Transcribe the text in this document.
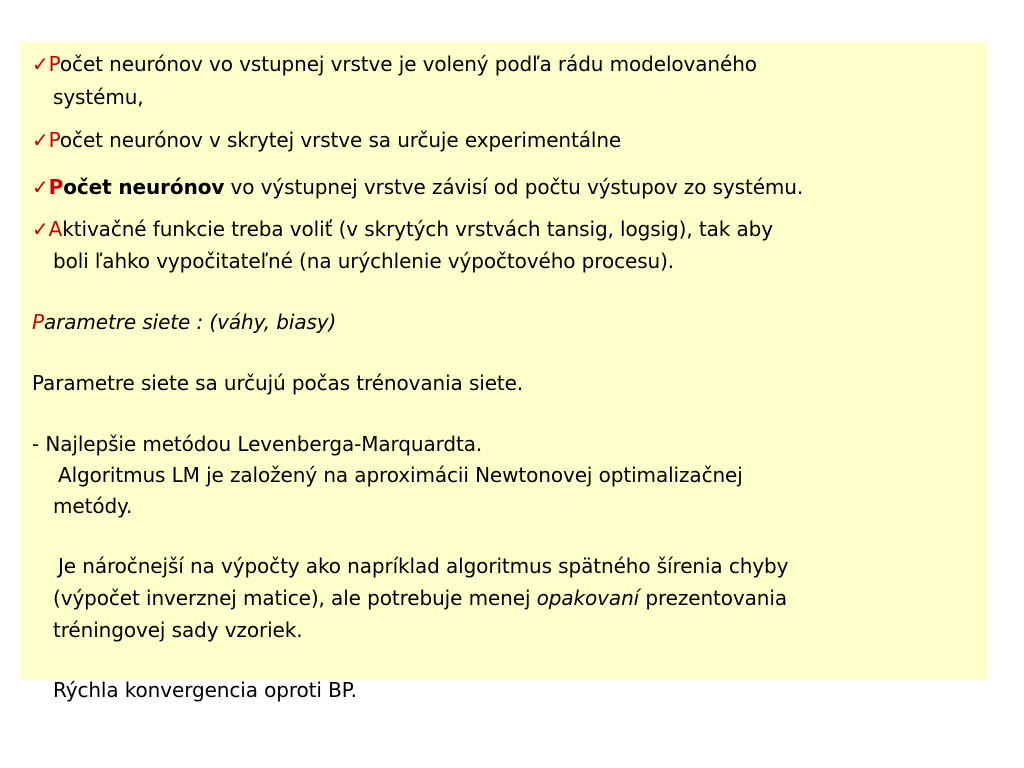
✓Počet neurónov vo vstupnej vrstve je volený podľa rádu modelovaného
systému,
✓Počet neurónov v skrytej vrstve sa určuje experimentálne
✓Počet neurónov vo výstupnej vrstve závisí od počtu výstupov zo systému.
✓Aktivačné funkcie treba voliť (v skrytých vrstvách tansig, logsig), tak aby
boli ľahko vypočitateľné (na urýchlenie výpočtového procesu).
Parametre siete : (váhy, biasy)
Parametre siete sa určujú počas trénovania siete.
- Najlepšie metódou Levenberga-Marquardta.
Algoritmus LM je založený na aproximácii Newtonovej optimalizačnej
metódy.
Je náročnejší na výpočty ako napríklad algoritmus spätného šírenia chyby
(výpočet inverznej matice), ale potrebuje menej opakovaní prezentovania
tréningovej sady vzoriek.
Rýchla konvergencia oproti BP.
